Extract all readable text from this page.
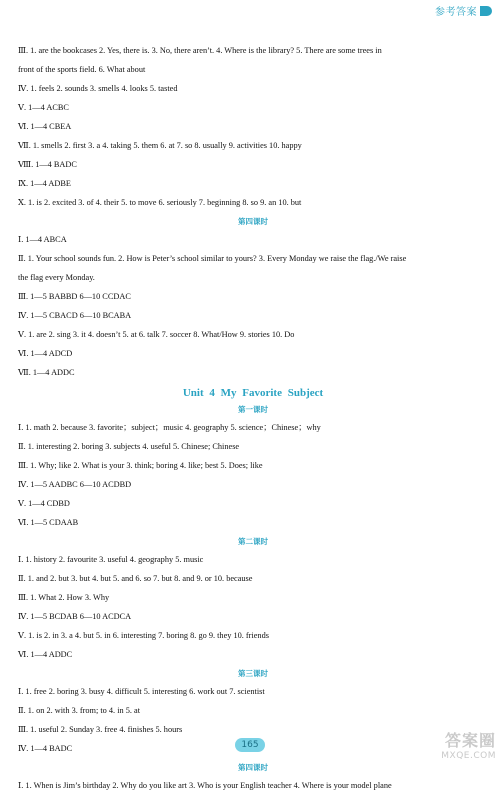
参考答案
Ⅲ. 1. are the bookcases 2. Yes, there is. 3. No, there aren’t. 4. Where is the library? 5. There are some trees in
front of the sports field. 6. What about
Ⅳ. 1. feels 2. sounds 3. smells 4. looks 5. tasted
Ⅴ. 1—4 ACBC
Ⅵ. 1—4 CBEA
Ⅶ. 1. smells 2. first 3. a 4. taking 5. them 6. at 7. so 8. usually 9. activities 10. happy
Ⅷ. 1—4 BADC
Ⅸ. 1—4 ADBE
Ⅹ. 1. is 2. excited 3. of 4. their 5. to move 6. seriously 7. beginning 8. so 9. an 10. but
第四课时
Ⅰ. 1—4 ABCA
Ⅱ. 1. Your school sounds fun. 2. How is Peter’s school similar to yours? 3. Every Monday we raise the flag./We raise
the flag every Monday.
Ⅲ. 1—5 BABBD 6—10 CCDAC
Ⅳ. 1—5 CBACD 6—10 BCABA
Ⅴ. 1. are 2. sing 3. it 4. doesn’t 5. at 6. talk 7. soccer 8. What/How 9. stories 10. Do
Ⅵ. 1—4 ADCD
Ⅶ. 1—4 ADDC
Unit 4 My Favorite Subject
第一课时
Ⅰ. 1. math 2. because 3. favorite；subject；music 4. geography 5. science；Chinese；why
Ⅱ. 1. interesting 2. boring 3. subjects 4. useful 5. Chinese; Chinese
Ⅲ. 1. Why; like 2. What is your 3. think; boring 4. like; best 5. Does; like
Ⅳ. 1—5 AADBC 6—10 ACDBD
Ⅴ. 1—4 CDBD
Ⅵ. 1—5 CDAAB
第二课时
Ⅰ. 1. history 2. favourite 3. useful 4. geography 5. music
Ⅱ. 1. and 2. but 3. but 4. but 5. and 6. so 7. but 8. and 9. or 10. because
Ⅲ. 1. What 2. How 3. Why
Ⅳ. 1—5 BCDAB 6—10 ACDCA
Ⅴ. 1. is 2. in 3. a 4. but 5. in 6. interesting 7. boring 8. go 9. they 10. friends
Ⅵ. 1—4 ADDC
第三课时
Ⅰ. 1. free 2. boring 3. busy 4. difficult 5. interesting 6. work out 7. scientist
Ⅱ. 1. on 2. with 3. from; to 4. in 5. at
Ⅲ. 1. useful 2. Sunday 3. free 4. finishes 5. hours
Ⅳ. 1—4 BADC
第四课时
Ⅰ. 1. When is Jim’s birthday 2. Why do you like art 3. Who is your English teacher 4. Where is your model plane
165	答案圈
MXQE.COM
